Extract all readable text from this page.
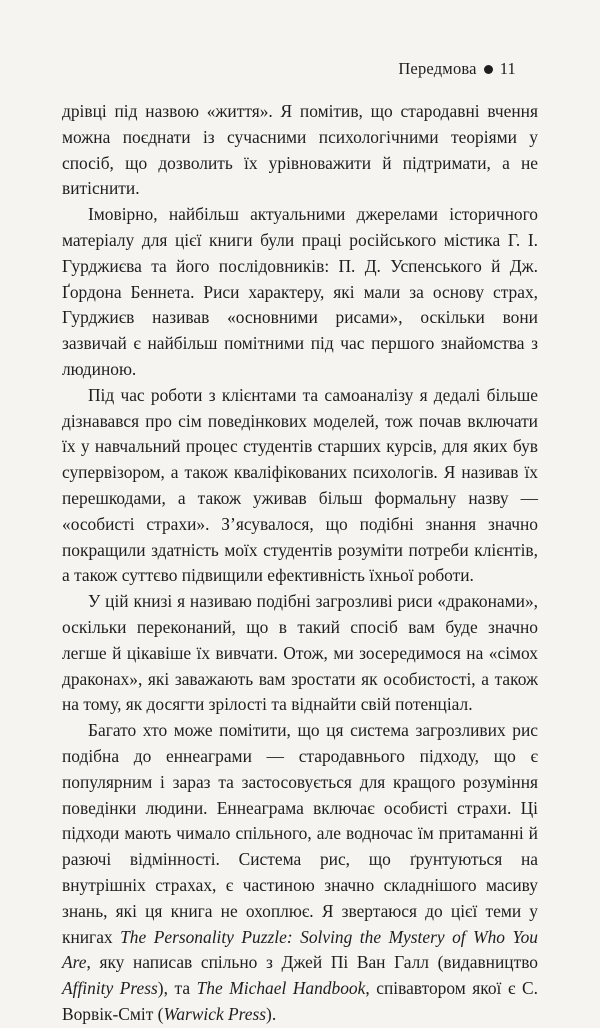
Передмова 11

дрівці під назвою «життя». Я помітив, що стародавні вчення можна поєднати із сучасними психологічними теоріями у спосіб, що дозволить їх урівноважити й підтримати, а не витіснити.

Імовірно, найбільш актуальними джерелами історичного матеріалу для цієї книги були праці російського містика Г. І. Гурджиєва та його послідовників: П. Д. Успенського й Дж. Ґордона Беннета. Риси характеру, які мали за основу страх, Гурджиєв називав «основними рисами», оскільки вони зазвичай є найбільш помітними під час першого знайомства з людиною.

Під час роботи з клієнтами та самоаналізу я дедалі більше дізнавався про сім поведінкових моделей, тож почав включати їх у навчальний процес студентів старших курсів, для яких був супервізором, а також кваліфікованих психологів. Я називав їх перешкодами, а також уживав більш формальну назву — «особисті страхи». З’ясувалося, що подібні знання значно покращили здатність моїх студентів розуміти потреби клієнтів, а також суттєво підвищили ефективність їхньої роботи.

У цій книзі я називаю подібні загрозливі риси «драконами», оскільки переконаний, що в такий спосіб вам буде значно легше й цікавіше їх вивчати. Отож, ми зосередимося на «сімох драконах», які заважають вам зростати як особистості, а також на тому, як досягти зрілості та віднайти свій потенціал.

Багато хто може помітити, що ця система загрозливих рис подібна до еннеаграми — стародавнього підходу, що є популярним і зараз та застосовується для кращого розуміння поведінки людини. Еннеаграма включає особисті страхи. Ці підходи мають чимало спільного, але водночас їм притаманні й разючі відмінності. Система рис, що ґрунтуються на внутрішніх страхах, є частиною значно складнішого масиву знань, які ця книга не охоплює. Я звертаюся до цієї теми у книгах The Personality Puzzle: Solving the Mystery of Who You Are, яку написав спільно з Джей Пі Ван Галл (видавництво Affinity Press), та The Michael Handbook, співавтором якої є С. Ворвік-Сміт (Warwick Press).
